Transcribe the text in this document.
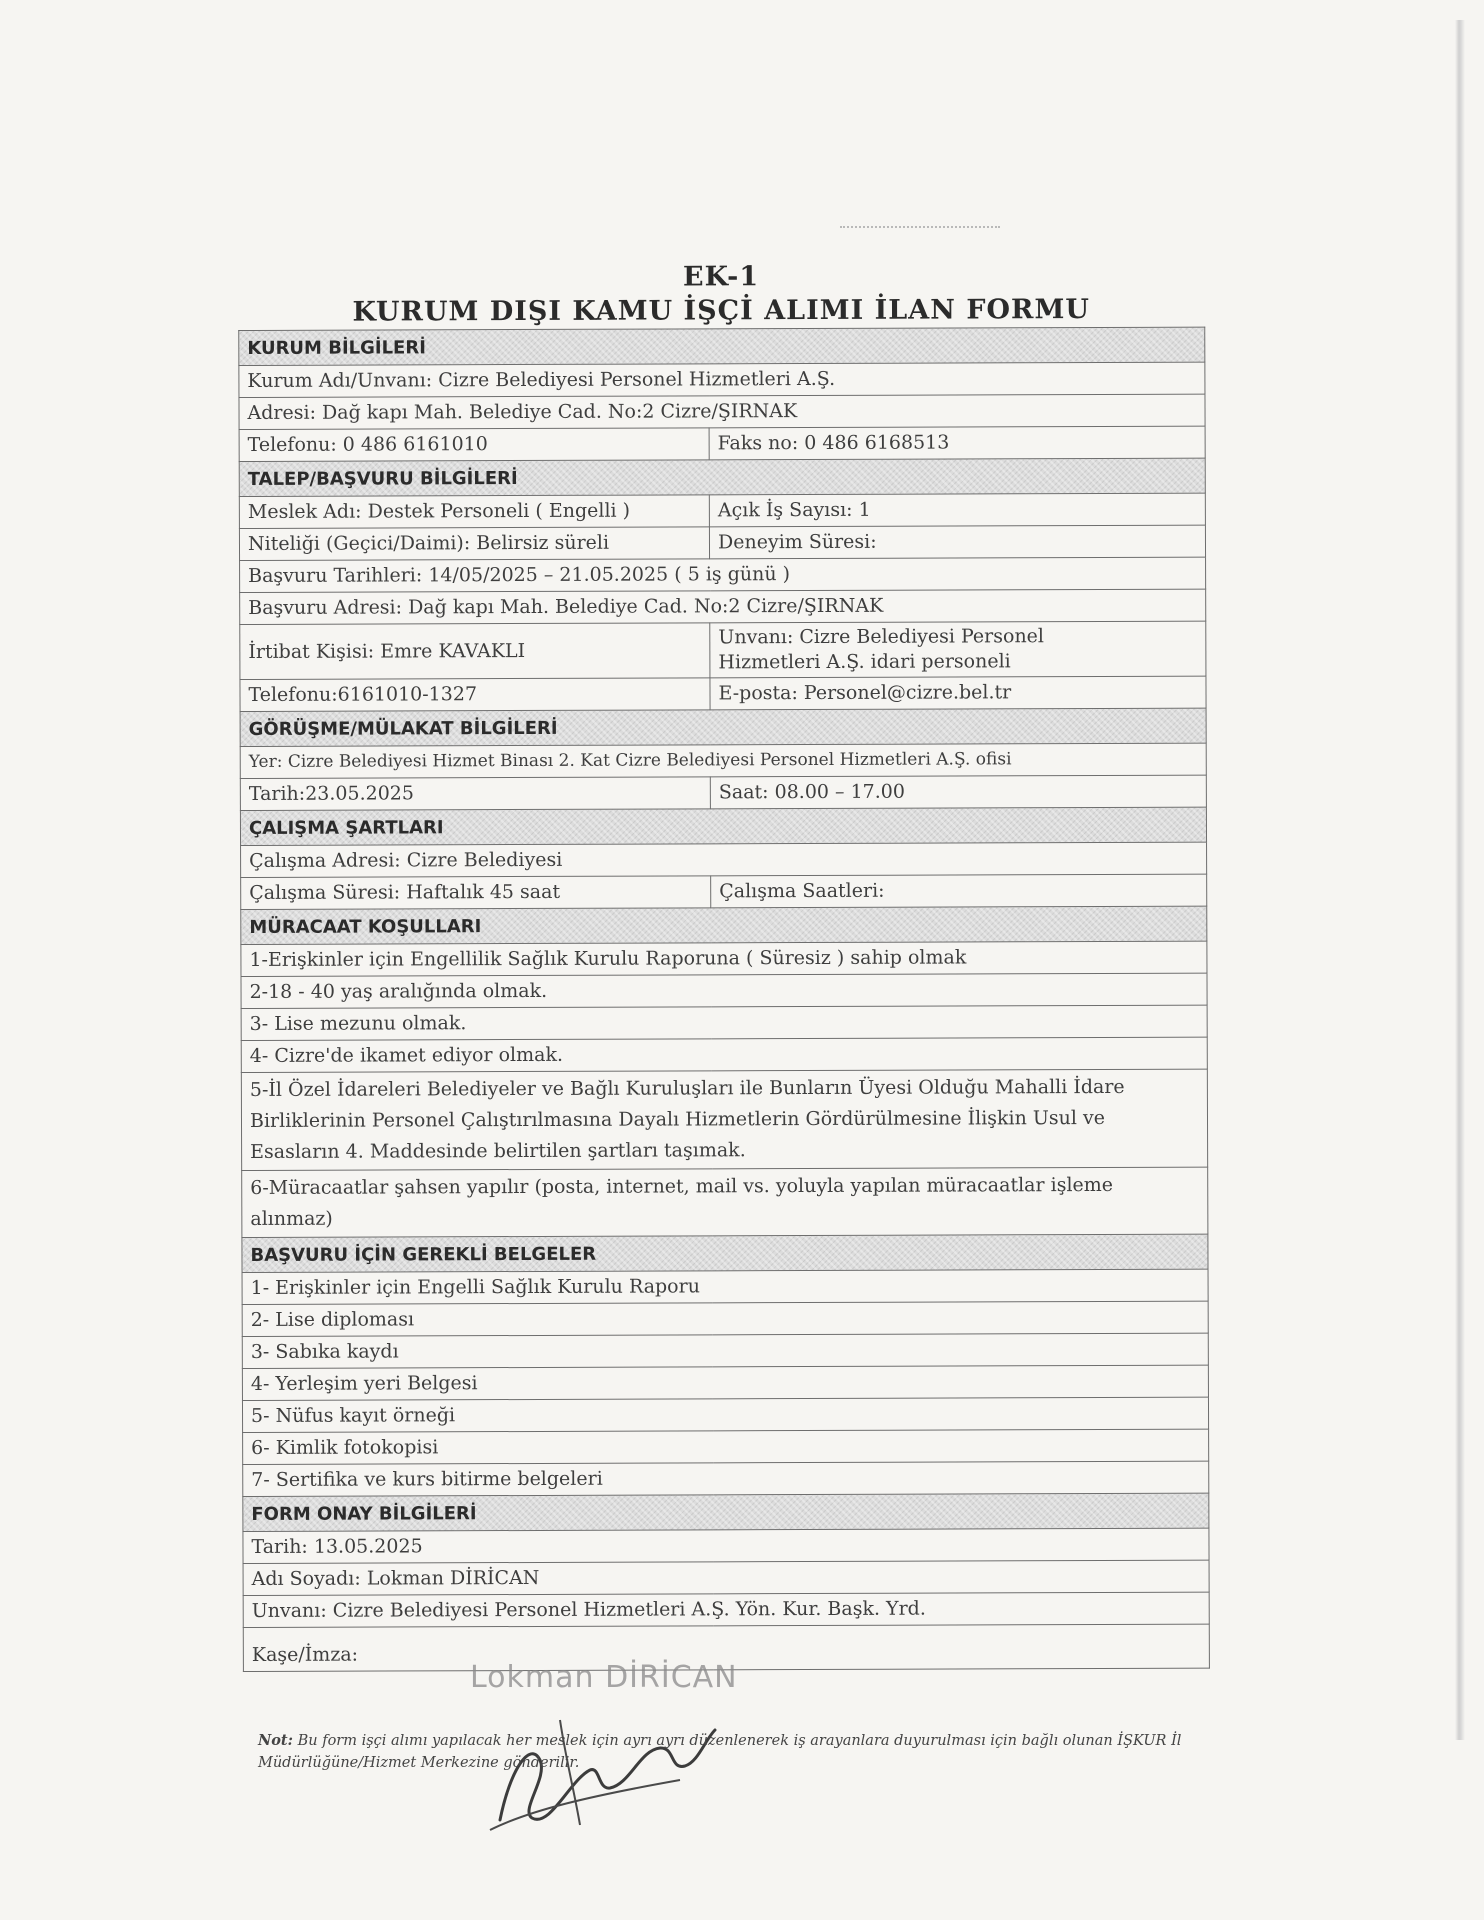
EK-1
KURUM DIŞI KAMU İŞÇİ ALIMI İLAN FORMU
KURUM BİLGİLERİ	
Kurum Adı/Unvanı: Cizre Belediyesi Personel Hizmetleri A.Ş.	
Adresi: Dağ kapı Mah. Belediye Cad. No:2 Cizre/ŞIRNAK	
Telefonu: 0 486 6161010	Faks no: 0 486 6168513
TALEP/BAŞVURU BİLGİLERİ	
Meslek Adı: Destek Personeli ( Engelli )	Açık İş Sayısı: 1
Niteliği (Geçici/Daimi): Belirsiz süreli	Deneyim Süresi:
Başvuru Tarihleri: 14/05/2025 – 21.05.2025 ( 5 iş günü )	
Başvuru Adresi: Dağ kapı Mah. Belediye Cad. No:2 Cizre/ŞIRNAK	
İrtibat Kişisi: Emre KAVAKLI	Unvanı: Cizre Belediyesi Personel
Hizmetleri A.Ş. idari personeli

Telefonu:6161010-1327	E-posta: Personel@cizre.bel.tr
GÖRÜŞME/MÜLAKAT BİLGİLERİ	
Yer: Cizre Belediyesi Hizmet Binası 2. Kat Cizre Belediyesi Personel Hizmetleri A.Ş. ofisi	
Tarih:23.05.2025	Saat: 08.00 – 17.00
ÇALIŞMA ŞARTLARI	
Çalışma Adresi: Cizre Belediyesi	
Çalışma Süresi: Haftalık 45 saat	Çalışma Saatleri:
MÜRACAAT KOŞULLARI	
1-Erişkinler için Engellilik Sağlık Kurulu Raporuna ( Süresiz ) sahip olmak	
2-18 - 40 yaş aralığında olmak.	
3- Lise mezunu olmak.	
4- Cizre'de ikamet ediyor olmak.	
5-İl Özel İdareleri Belediyeler ve Bağlı Kuruluşları ile Bunların Üyesi Olduğu Mahalli İdare Birliklerinin Personel Çalıştırılmasına Dayalı Hizmetlerin Gördürülmesine İlişkin Usul ve Esasların 4. Maddesinde belirtilen şartları taşımak.	
6-Müracaatlar şahsen yapılır (posta, internet, mail vs. yoluyla yapılan müracaatlar işleme alınmaz)	
BAŞVURU İÇİN GEREKLİ BELGELER	
1- Erişkinler için Engelli Sağlık Kurulu Raporu	
2- Lise diploması	
3- Sabıka kaydı	
4- Yerleşim yeri Belgesi	
5- Nüfus kayıt örneği	
6- Kimlik fotokopisi	
7- Sertifika ve kurs bitirme belgeleri	
FORM ONAY BİLGİLERİ	
Tarih: 13.05.2025	
Adı Soyadı: Lokman DİRİCAN	
Unvanı: Cizre Belediyesi Personel Hizmetleri A.Ş. Yön. Kur. Başk. Yrd.	
Kaşe/İmza:	
Lokman DİRİCAN
Not: Bu form işçi alımı yapılacak her meslek için ayrı ayrı düzenlenerek iş arayanlara duyurulması için bağlı olunan İŞKUR İl Müdürlüğüne/Hizmet Merkezine gönderilir.
